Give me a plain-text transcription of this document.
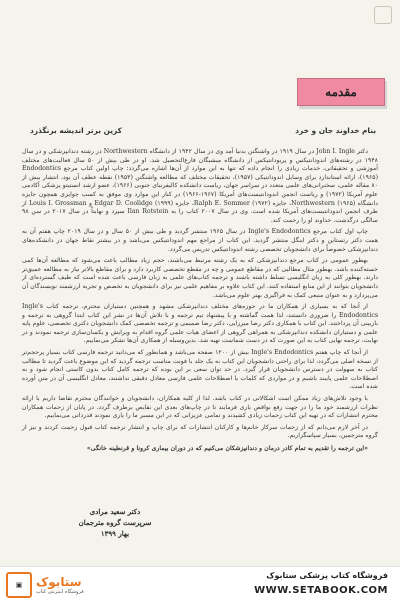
مقدمه
بنام خداوند جان و خرد
کزین برتر اندیشه برنگذرد

دکتر John I. Ingle در سال ۱۹۱۹ در واشنگتن بدنیا آمد وی در سال ۱۹۴۲ از دانشگاه Northwestern در رشته دندانپزشکی و در سال ۱۹۴۸ در رشته‌های اندودانتیکس و پریودانتیکس از دانشگاه میشیگان فارغ‌التحصیل شد. او در طی بیش از ۵۰ سال فعالیت‌های مختلف آموزشی و تحقیقاتی، خدمات زیادی را انجام داده که تنها به این موارد از آن‌ها اشاره می‌گردد: چاپ اولین کتاب مرجع Endodontics (۱۹۶۵)، ارائه استاندارد برای وسایل اندودانتیکی (۱۹۵۷)، تحقیقات مختلف که مطالعه واشنگتن (۱۹۵۳) نقطه عطف آن بود، انتشار بیش از ۸۰ مقاله علمی، سخنرانی‌های علمی متعدد در سراسر جهان، ریاست دانشکده کالیفرنیای جنوبی (۱۹۶۶)، عضو ارشد انستیتو پزشکی آکادمی علوم آمریکا (۱۹۷۲) و ریاست انجمن اندودانتیست‌های آمریکا (۱۹۶۷-۱۹۶۶) در کنار این موارد وی موفق به کسب جوایزی همچون جایزه دانشگاه Northwestern (۱۹۶۵)، جایزه Ralph E. Sommer (۱۹۷۲)، جایزه Edgar D. Coolidge (۱۹۹۹) و Louis I. Grossman از طرف انجمن اندودانتیست‌های آمریکا شده است. وی در سال ۲۰۰۷ کتاب را به Ilan Rotstein سپرد و نهایتاً در سال ۲۰۱۷ در سن ۹۸ سالگی درگذشت. خداوند او را رحمت کند.

چاپ اول کتاب مرجع Ingle's Endodontics در سال ۱۹۶۵ منتشر گردید و طی بیش از ۵۰ سال و در سال ۲۰۱۹ چاپ هفتم آن به همت دکتر رتستاین و دکتر اینگل منتشر گردید. این کتاب از مراجع مهم اندودانتیکس می‌باشد و در بیشتر نقاط جهان در دانشکده‌های دندانپزشکی خصوصاً برای دانشجویان تخصصی رشته اندودانتیکس تدریس می‌گردد.

بهطور عمومی در کتاب مرجع دندانپزشکی که به یک رشته مرتبط می‌باشند، حجم زیاد مطالب باعث می‌شود که مطالعه آن‌ها کمی خسته‌کننده باشد. بهطور مثال مطالبی که در مقاطع عمومی و چه در مقطع تخصصی کاربرد دارد و برای مقاطع بالاتر نیاز به مطالعه عمیق‌تر دارند. بهطور کلی به زبان انگلیسی تسلط داشته باشند و ترجمه کتاب‌های علمی به زبان فارسی باعث شده است که طیف گسترده‌ای از دانشجویان بتوانند از این منابع استفاده کنند. این کتاب علاوه بر مفاهیم علمی نیز برای دانشجویان به تخصص و تجربه ارزشمند نویسندگان آن می‌پردازد و به عنوان منبعی کمک به فراگیری بهتر علوم می‌باشد.

از آنجا که به بسیاری از همکاران ما در حوزه‌های مختلف دندانپزشکی مشهد و همچنین دستیاران محترم، ترجمه کتاب Ingle's Endodontics را ضروری دانستند، لذا همت گماشته و با پیشنهاد تیم ترجمه و با تلاش آن‌ها در نشر این کتاب ابتدا گروهی به ترجمه و بازبینی آن پرداختند. این کتاب با همکاری دکتر رضا میرزایی، دکتر رضا صمیمی و ترجمه تخصصی کمک دانشجویان دکتری تخصصی، علوم پایه علمی و دستیاران دانشکده دندانپزشکی به همراهی گروهی از اعضای هیات علمی گروه اقدام به ویرایش و یکسان‌سازی ترجمه نمودند و در نهایت، ترجمه نهایی کتاب به این صورت که در دست شماست تهیه شد. بدین‌وسیله از همکاری آن‌ها تشکر می‌نماییم.

از آنجا که چاپ هفتم Ingle's Endodontics بیش از ۱۲۰۰ صفحه می‌باشد و همانطور که می‌دانید ترجمه فارسی کتاب بسیار پرحجم‌تر از نسخه اصلی می‌گردد، لذا برای راحتی دانشجویان این کتاب به یک جلد با فونت مناسب ترجمه گردید که این موضوع باعث گردید تا مطالب کتاب به سهولت در دسترس دانشجویان قرار گیرد. در حد توان سعی بر این بوده که ترجمه کامل کتاب بدون کاستی انجام شود و به اصطلاحات علمی پایبند باشیم و در مواردی که کلمات یا اصطلاحات علمی فارسی معادل دقیقی نداشتند، معادل انگلیسی آن در متن آورده شده است.

با وجود تلاش‌های زیاد ممکن است اشکالاتی در کتاب باشد. لذا از کلیه همکاران، دانشجویان و خوانندگان محترم تقاضا داریم با ارائه نظرات ارزشمند خود ما را در جهت رفع نواقص یاری فرمایند تا در چاپ‌های بعدی این نقایص برطرف گردد. در پایان از زحمات همکاران محترم انتشارات که در تهیه این کتاب زحمات زیادی کشیدند و تمامی عزیزانی که در این مسیر ما را یاری نمودند قدردانی می‌نماییم.

در آخر لازم می‌دانم که از زحمات سرکار خانم‌ها و کارکنان انتشارات که برای چاپ و انتشار ترجمه کتاب قبول زحمت کردند و نیز از گروه مترجمین، بسیار سپاسگزاریم.

«این ترجمه را تقدیم به تمام کادر درمان و دندانپزشکان می‌کنیم که در دوران بیماری کرونا و قرنطینه خانگی»

دکتر سعید مرادی
سرپرست گروه مترجمان
بهار ۱۳۹۹
▣	ستابوک
فروشگاه اینترنتی کتاب
فروشگاه کتاب پزشکی ستابوک
WWW.SETABOOK.COM
